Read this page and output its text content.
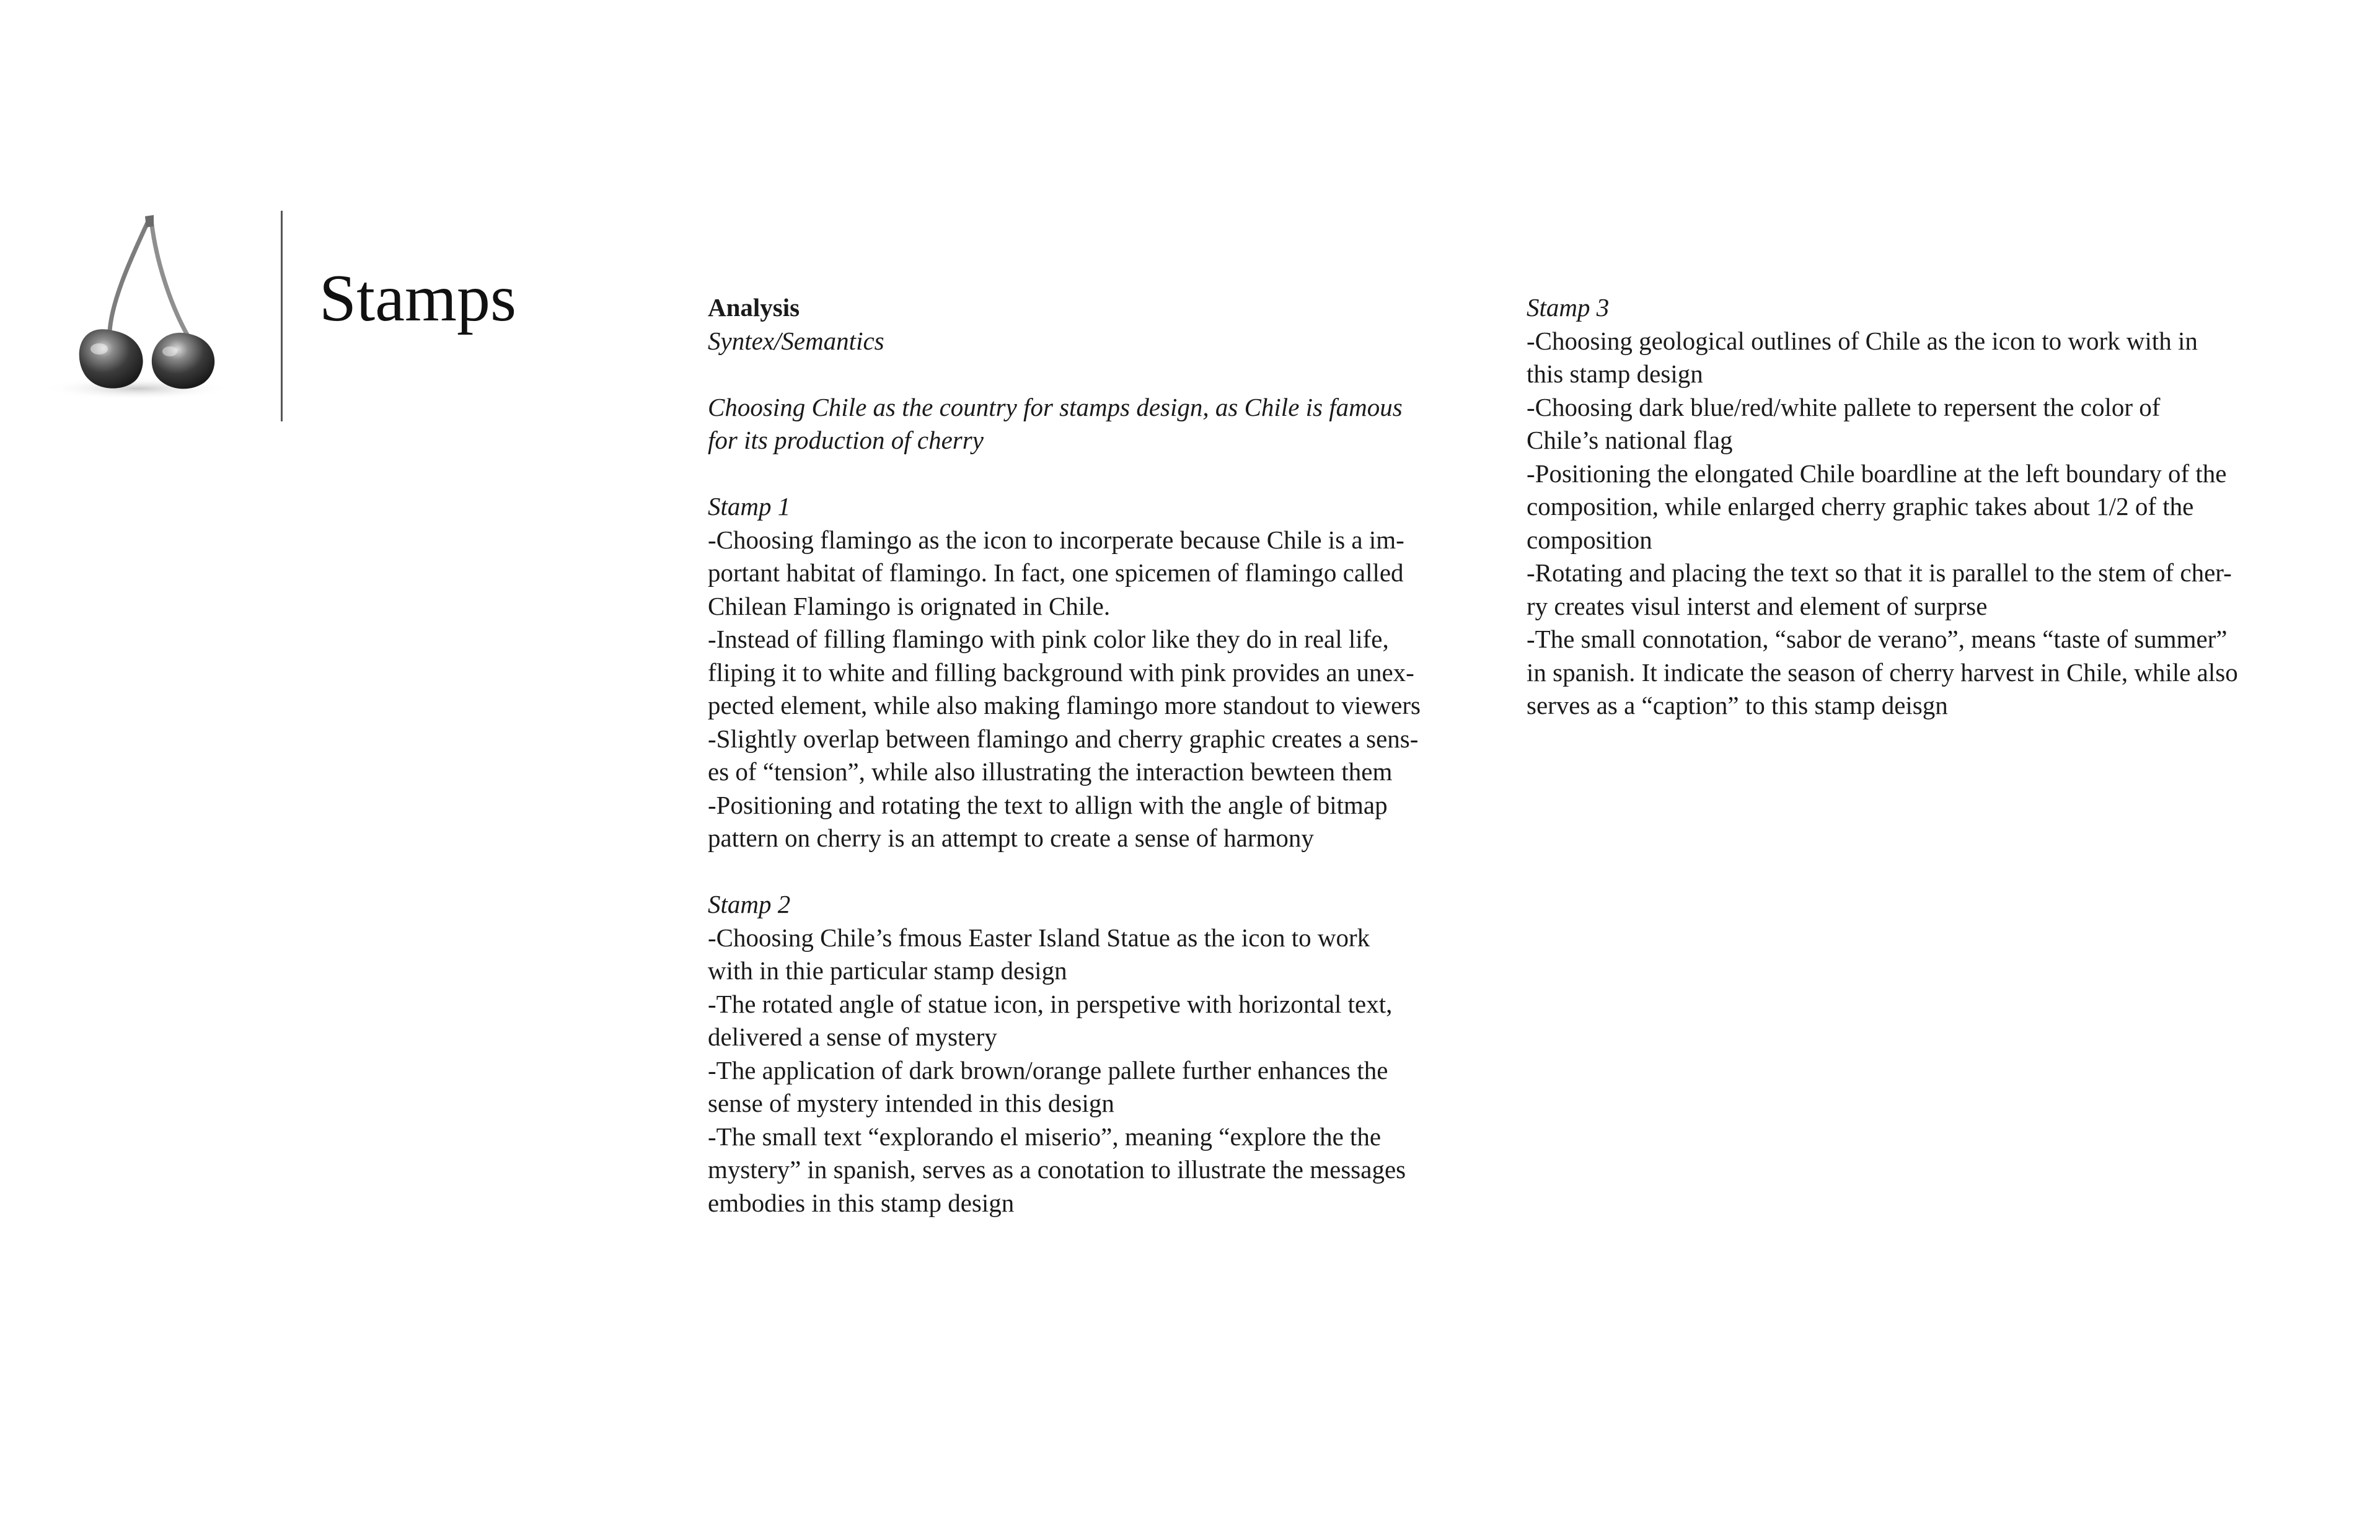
Stamps	Analysis

Syntex/Semantics

Choosing Chile as the country for stamps design, as Chile is famous

for its production of cherry

Stamp 1

-Choosing flamingo as the icon to incorperate because Chile is a im-

portant habitat of flamingo. In fact, one spicemen of flamingo called

Chilean Flamingo is orignated in Chile.

-Instead of filling flamingo with pink color like they do in real life,

fliping it to white and filling background with pink provides an unex-

pected element, while also making flamingo more standout to viewers

-Slightly overlap between flamingo and cherry graphic creates a sens-

es of “tension”, while also illustrating the interaction bewteen them

-Positioning and rotating the text to allign with the angle of bitmap

pattern on cherry is an attempt to create a sense of harmony

Stamp 2

-Choosing Chile’s fmous Easter Island Statue as the icon to work

with in thie particular stamp design

-The rotated angle of statue icon, in perspetive with horizontal text,

delivered a sense of mystery

-The application of dark brown/orange pallete further enhances the

sense of mystery intended in this design

-The small text “explorando el miserio”, meaning “explore the the

mystery” in spanish, serves as a conotation to illustrate the messages

embodies in this stamp design

Stamp 3

-Choosing geological outlines of Chile as the icon to work with in

this stamp design

-Choosing dark blue/red/white pallete to repersent the color of

Chile’s national flag

-Positioning the elongated Chile boardline at the left boundary of the

composition, while enlarged cherry graphic takes about 1/2 of the

composition

-Rotating and placing the text so that it is parallel to the stem of cher-

ry creates visul interst and element of surprse

-The small connotation, “sabor de verano”, means “taste of summer”

in spanish. It indicate the season of cherry harvest in Chile, while also

serves as a “caption” to this stamp deisgn
